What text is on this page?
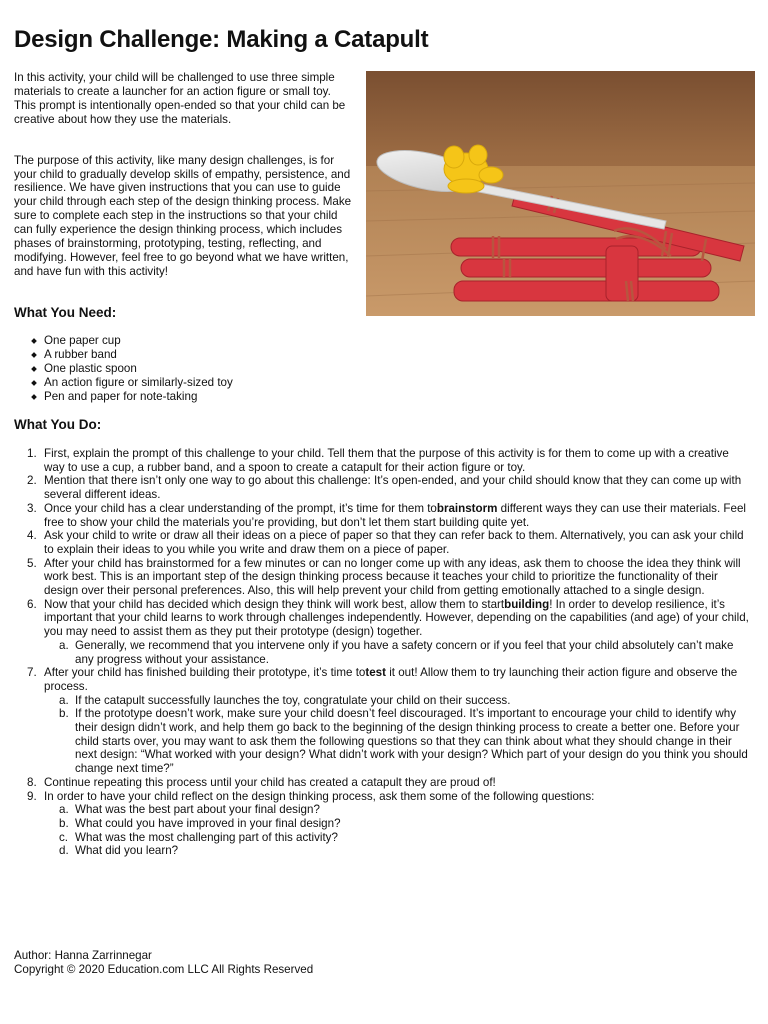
Design Challenge: Making a Catapult

In this activity, your child will be challenged to use three simple materials to create a launcher for an action figure or small toy. This prompt is intentionally open-ended so that your child can be creative about how they use the materials.

The purpose of this activity, like many design challenges, is for your child to gradually develop skills of empathy, persistence, and resilience. We have given instructions that you can use to guide your child through each step of the design thinking process. Make sure to complete each step in the instructions so that your child can fully experience the design thinking process, which includes phases of brainstorming, prototyping, testing, reflecting, and modifying. However, feel free to go beyond what we have written, and have fun with this activity!

What You Need:
One paper cup
A rubber band
One plastic spoon
An action figure or similarly-sized toy
Pen and paper for note-taking
What You Do:
1. First, explain the prompt of this challenge to your child. Tell them that the purpose of this activity is for them to come up with a creative way to use a cup, a rubber band, and a spoon to create a catapult for their action figure or toy.
2. Mention that there isn’t only one way to go about this challenge: It’s open-ended, and your child should know that they can come up with several different ideas.
3. Once your child has a clear understanding of the prompt, it’s time for them tobrainstorm different ways they can use their materials. Feel free to show your child the materials you’re providing, but don’t let them start building quite yet.
4. Ask your child to write or draw all their ideas on a piece of paper so that they can refer back to them. Alternatively, you can ask your child to explain their ideas to you while you write and draw them on a piece of paper.
5. After your child has brainstormed for a few minutes or can no longer come up with any ideas, ask them to choose the idea they think will work best. This is an important step of the design thinking process because it teaches your child to prioritize the functionality of their design over their personal preferences. Also, this will help prevent your child from getting emotionally attached to a single design.
6. Now that your child has decided which design they think will work best, allow them to startbuilding! In order to develop resilience, it’s important that your child learns to work through challenges independently. However, depending on the capabilities (and age) of your child, you may need to assist them as they put their prototype (design) together.
a. Generally, we recommend that you intervene only if you have a safety concern or if you feel that your child absolutely can’t make any progress without your assistance.
7. After your child has finished building their prototype, it’s time totest it out! Allow them to try launching their action figure and observe the process.
a. If the catapult successfully launches the toy, congratulate your child on their success.
b. If the prototype doesn’t work, make sure your child doesn’t feel discouraged. It’s important to encourage your child to identify why their design didn’t work, and help them go back to the beginning of the design thinking process to create a better one. Before your child starts over, you may want to ask them the following questions so that they can think about what they should change in their next design: “What worked with your design? What didn’t work with your design? Which part of your design do you think you should change next time?”
8. Continue repeating this process until your child has created a catapult they are proud of!
9. In order to have your child reflect on the design thinking process, ask them some of the following questions:
a. What was the best part about your final design?
b. What could you have improved in your final design?
c. What was the most challenging part of this activity?
d. What did you learn?
Author: Hanna Zarrinnegar
Copyright © 2020 Education.com LLC All Rights Reserved
